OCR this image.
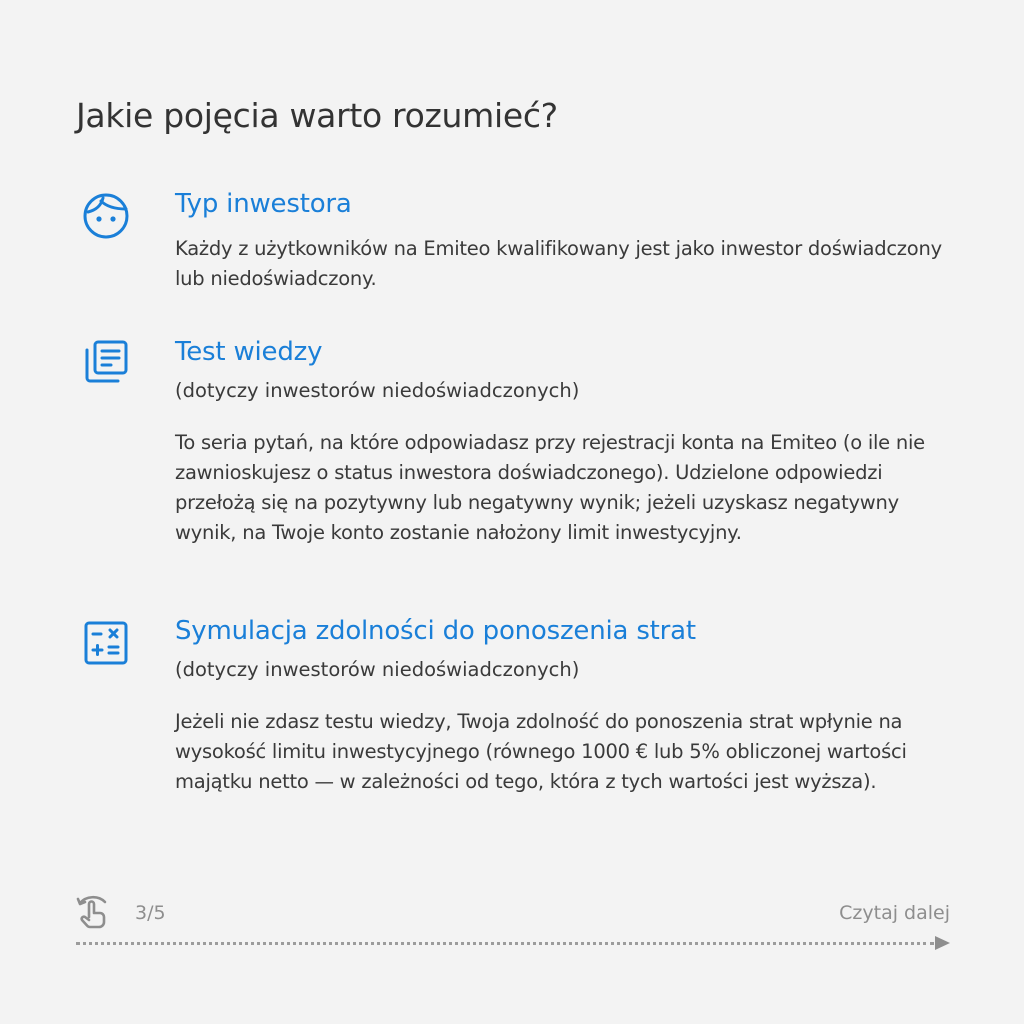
Jakie pojęcia warto rozumieć?
Typ inwestora

Każdy z użytkowników na Emiteo kwalifikowany jest jako inwestor doświadczony lub niedoświadczony.

Test wiedzy

(dotyczy inwestorów niedoświadczonych)

To seria pytań, na które odpowiadasz przy rejestracji konta na Emiteo (o ile nie zawnioskujesz o status inwestora doświadczonego). Udzielone odpowiedzi przełożą się na pozytywny lub negatywny wynik; jeżeli uzyskasz negatywny wynik, na Twoje konto zostanie nałożony limit inwestycyjny.

Symulacja zdolności do ponoszenia strat

(dotyczy inwestorów niedoświadczonych)

Jeżeli nie zdasz testu wiedzy, Twoja zdolność do ponoszenia strat wpłynie na wysokość limitu inwestycyjnego (równego 1000 € lub 5% obliczonej wartości majątku netto — w zależności od tego, która z tych wartości jest wyższa).

3/5	Czytaj dalej
